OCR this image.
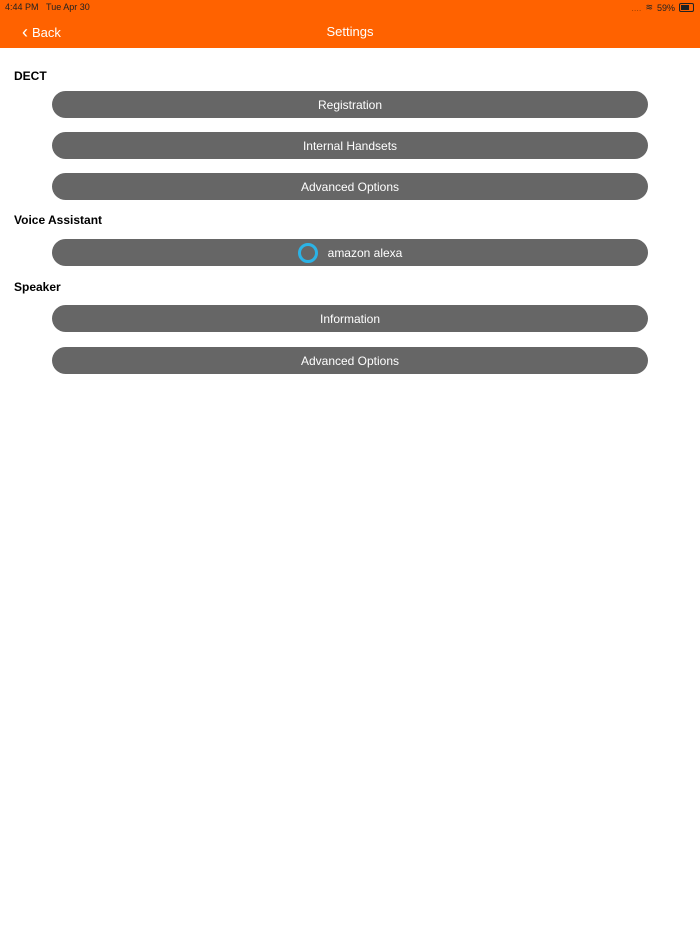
4:44 PM Tue Apr 30	.... ≋ 59%
‹ Back	Settings
DECT
Registration
Internal Handsets
Advanced Options
Voice Assistant
amazon alexa
Speaker
Information
Advanced Options
